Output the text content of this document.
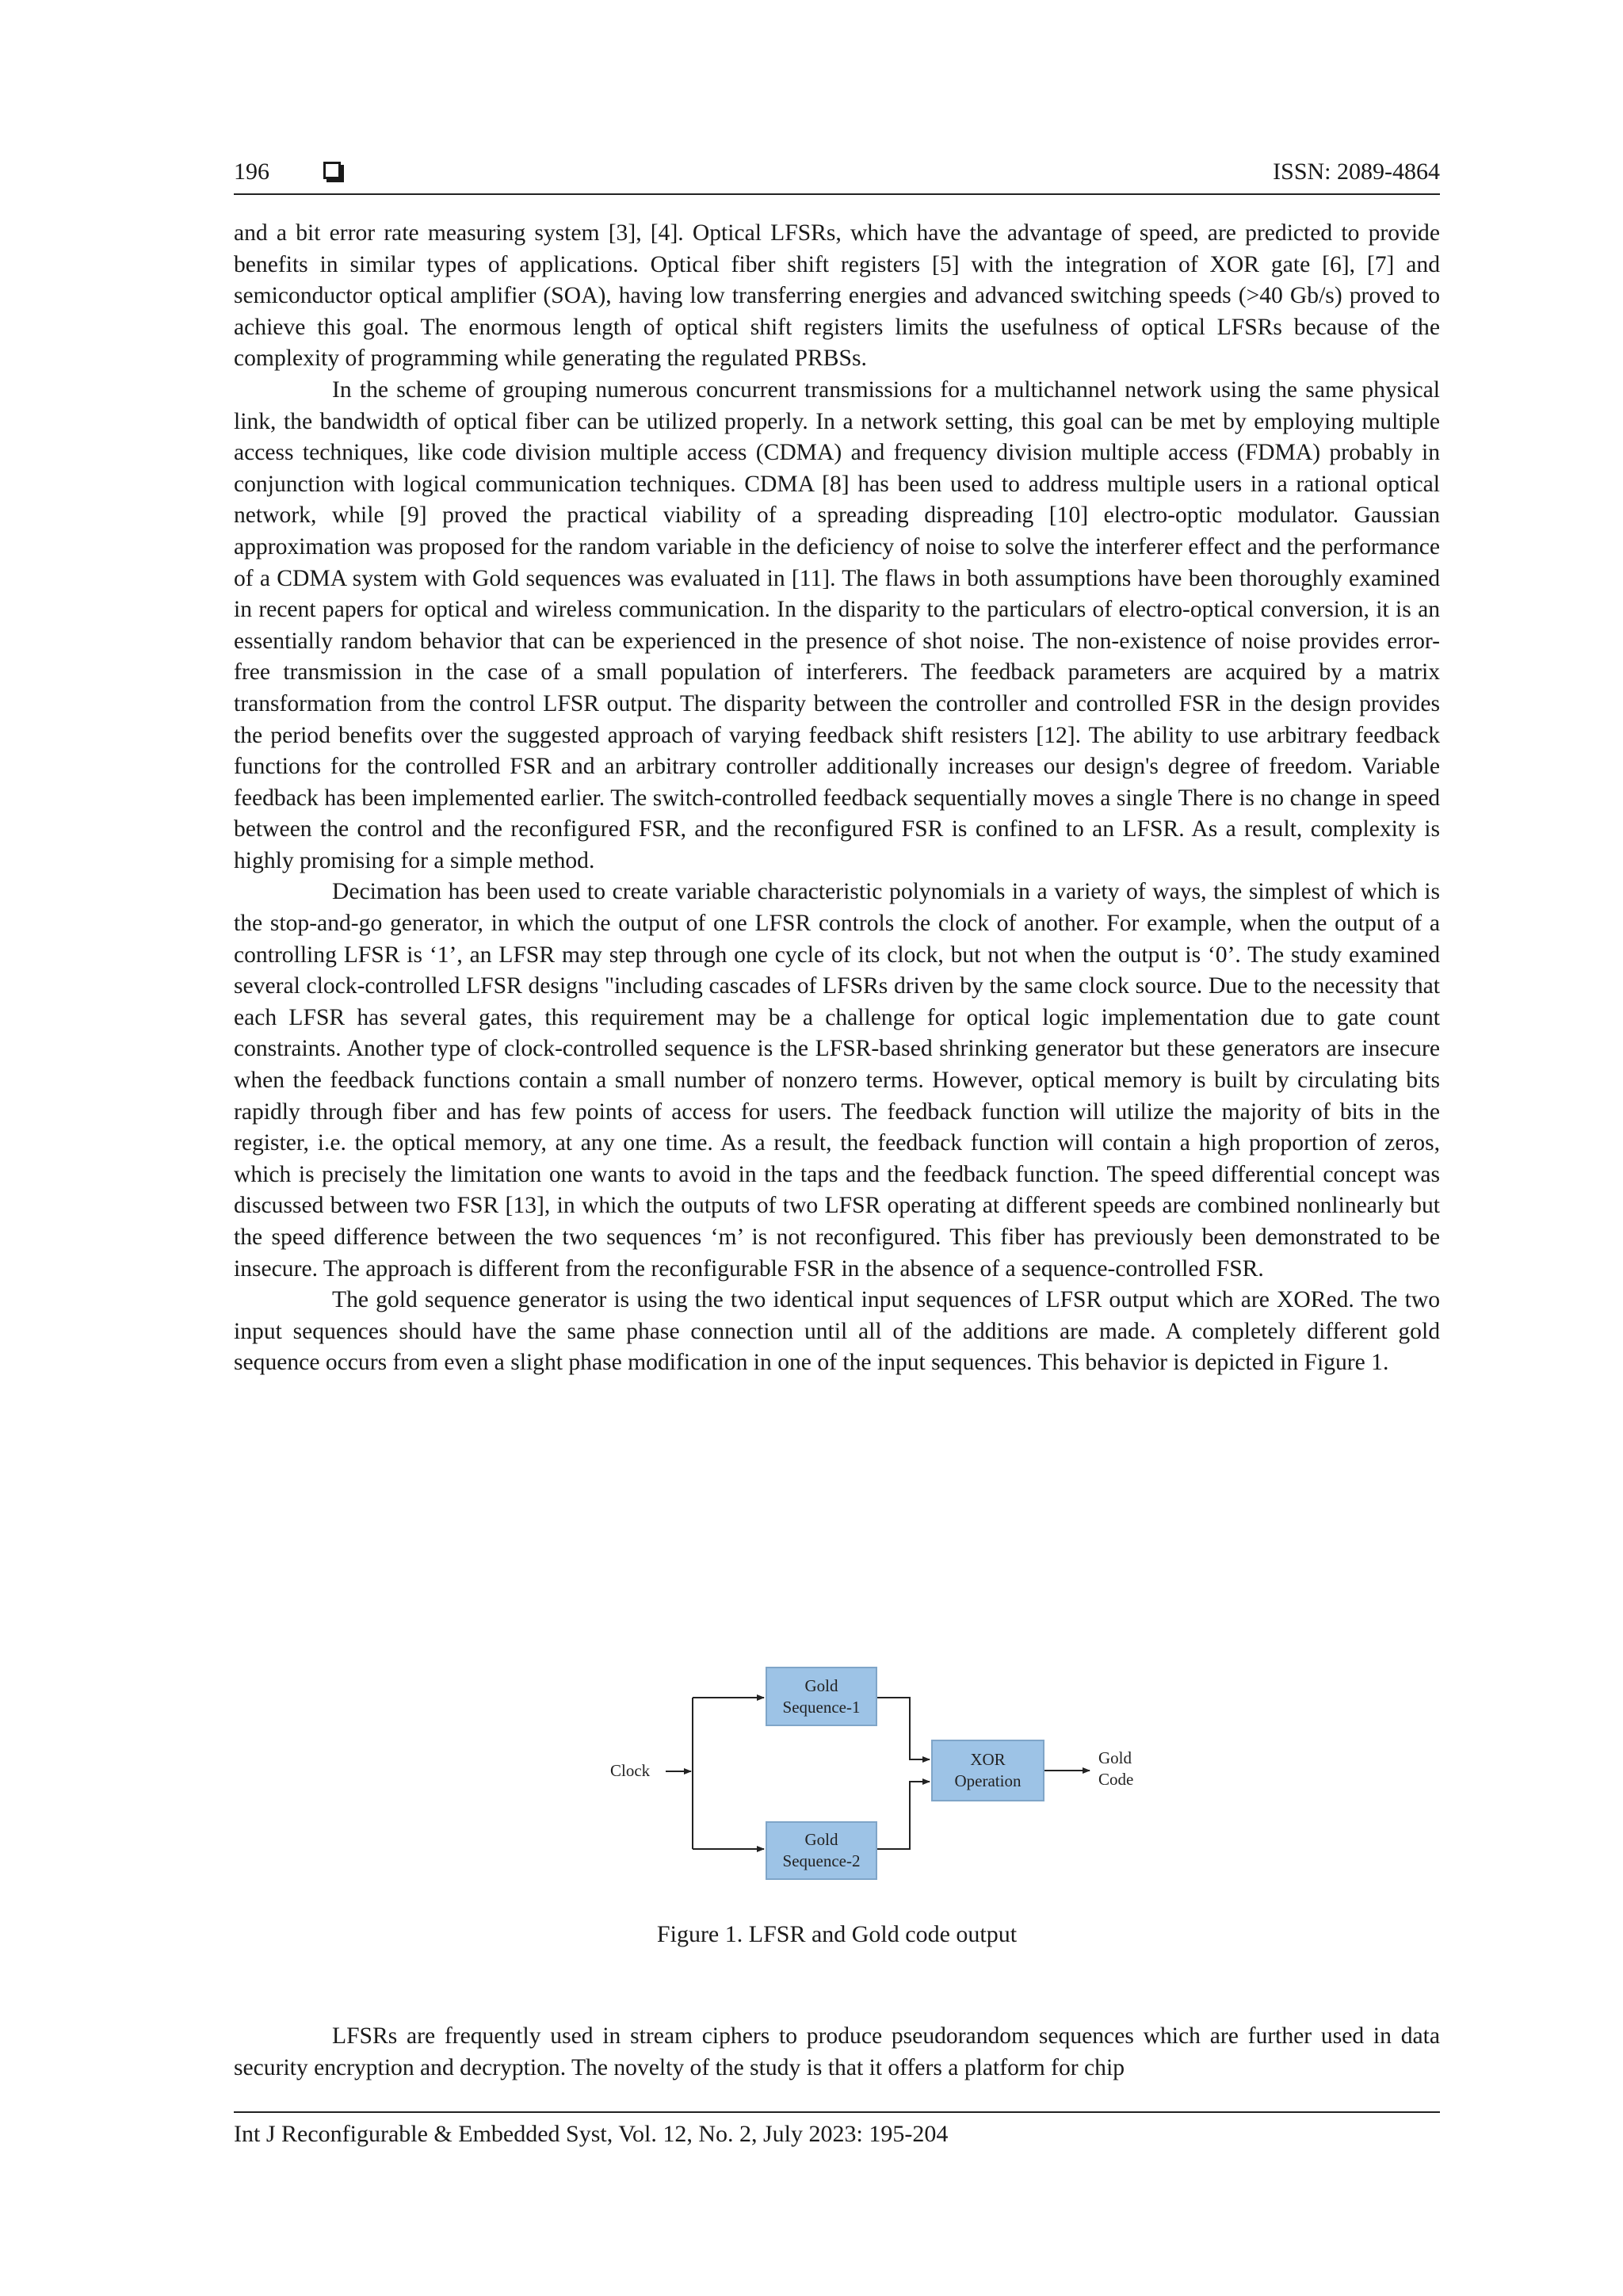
196	ISSN: 2089-4864

and a bit error rate measuring system [3], [4]. Optical LFSRs, which have the advantage of speed, are predicted to provide benefits in similar types of applications. Optical fiber shift registers [5] with the integration of XOR gate [6], [7] and semiconductor optical amplifier (SOA), having low transferring energies and advanced switching speeds (>40 Gb/s) proved to achieve this goal. The enormous length of optical shift registers limits the usefulness of optical LFSRs because of the complexity of programming while generating the regulated PRBSs.

In the scheme of grouping numerous concurrent transmissions for a multichannel network using the same physical link, the bandwidth of optical fiber can be utilized properly. In a network setting, this goal can be met by employing multiple access techniques, like code division multiple access (CDMA) and frequency division multiple access (FDMA) probably in conjunction with logical communication techniques. CDMA [8] has been used to address multiple users in a rational optical network, while [9] proved the practical viability of a spreading dispreading [10] electro-optic modulator. Gaussian approximation was proposed for the random variable in the deficiency of noise to solve the interferer effect and the performance of a CDMA system with Gold sequences was evaluated in [11]. The flaws in both assumptions have been thoroughly examined in recent papers for optical and wireless communication. In the disparity to the particulars of electro-optical conversion, it is an essentially random behavior that can be experienced in the presence of shot noise. The non-existence of noise provides error-free transmission in the case of a small population of interferers. The feedback parameters are acquired by a matrix transformation from the control LFSR output. The disparity between the controller and controlled FSR in the design provides the period benefits over the suggested approach of varying feedback shift resisters [12]. The ability to use arbitrary feedback functions for the controlled FSR and an arbitrary controller additionally increases our design's degree of freedom. Variable feedback has been implemented earlier. The switch-controlled feedback sequentially moves a single There is no change in speed between the control and the reconfigured FSR, and the reconfigured FSR is confined to an LFSR. As a result, complexity is highly promising for a simple method.

Decimation has been used to create variable characteristic polynomials in a variety of ways, the simplest of which is the stop-and-go generator, in which the output of one LFSR controls the clock of another. For example, when the output of a controlling LFSR is ‘1’, an LFSR may step through one cycle of its clock, but not when the output is ‘0’. The study examined several clock-controlled LFSR designs "including cascades of LFSRs driven by the same clock source. Due to the necessity that each LFSR has several gates, this requirement may be a challenge for optical logic implementation due to gate count constraints. Another type of clock-controlled sequence is the LFSR-based shrinking generator but these generators are insecure when the feedback functions contain a small number of nonzero terms. However, optical memory is built by circulating bits rapidly through fiber and has few points of access for users. The feedback function will utilize the majority of bits in the register, i.e. the optical memory, at any one time. As a result, the feedback function will contain a high proportion of zeros, which is precisely the limitation one wants to avoid in the taps and the feedback function. The speed differential concept was discussed between two FSR [13], in which the outputs of two LFSR operating at different speeds are combined nonlinearly but the speed difference between the two sequences ‘m’ is not reconfigured. This fiber has previously been demonstrated to be insecure. The approach is different from the reconfigurable FSR in the absence of a sequence-controlled FSR.

The gold sequence generator is using the two identical input sequences of LFSR output which are XORed. The two input sequences should have the same phase connection until all of the additions are made. A completely different gold sequence occurs from even a slight phase modification in one of the input sequences. This behavior is depicted in Figure 1.

Clock
Gold
Sequence-1
Gold
Sequence-2
XOR
Operation
Gold
Code
Figure 1. LFSR and Gold code output

LFSRs are frequently used in stream ciphers to produce pseudorandom sequences which are further used in data security encryption and decryption. The novelty of the study is that it offers a platform for chip

Int J Reconfigurable & Embedded Syst, Vol. 12, No. 2, July 2023: 195-204
